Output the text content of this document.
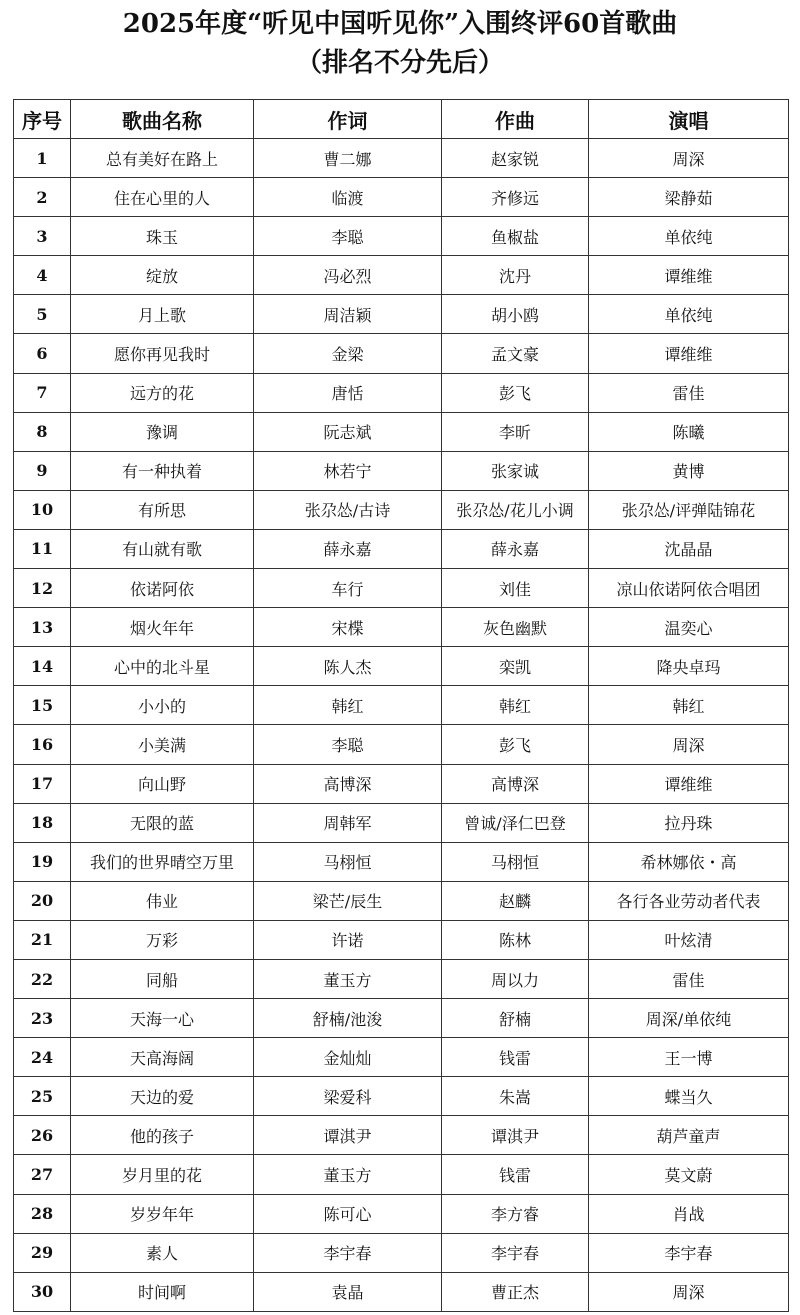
2025年度“听见中国听见你”入围终评60首歌曲
（排名不分先后）
序号	歌曲名称	作词	作曲	演唱
1	总有美好在路上	曹二娜	赵家锐	周深
2	住在心里的人	临渡	齐修远	梁静茹
3	珠玉	李聪	鱼椒盐	单依纯
4	绽放	冯必烈	沈丹	谭维维
5	月上歌	周洁颖	胡小鸥	单依纯
6	愿你再见我时	金梁	孟文豪	谭维维
7	远方的花	唐恬	彭飞	雷佳
8	豫调	阮志斌	李昕	陈曦
9	有一种执着	林若宁	张家诚	黄博
10	有所思	张尕怂/古诗	张尕怂/花儿小调	张尕怂/评弹陆锦花
11	有山就有歌	薛永嘉	薛永嘉	沈晶晶
12	依诺阿依	车行	刘佳	凉山依诺阿依合唱团
13	烟火年年	宋楪	灰色幽默	温奕心
14	心中的北斗星	陈人杰	栾凯	降央卓玛
15	小小的	韩红	韩红	韩红
16	小美满	李聪	彭飞	周深
17	向山野	高博深	高博深	谭维维
18	无限的蓝	周韩军	曾诚/泽仁巴登	拉丹珠
19	我们的世界晴空万里	马栩恒	马栩恒	希林娜依・高
20	伟业	梁芒/辰生	赵麟	各行各业劳动者代表
21	万彩	许诺	陈林	叶炫清
22	同船	董玉方	周以力	雷佳
23	天海一心	舒楠/池浚	舒楠	周深/单依纯
24	天高海阔	金灿灿	钱雷	王一博
25	天边的爱	梁爱科	朱嵩	蝶当久
26	他的孩子	谭淇尹	谭淇尹	葫芦童声
27	岁月里的花	董玉方	钱雷	莫文蔚
28	岁岁年年	陈可心	李方睿	肖战
29	素人	李宇春	李宇春	李宇春
30	时间啊	袁晶	曹正杰	周深
